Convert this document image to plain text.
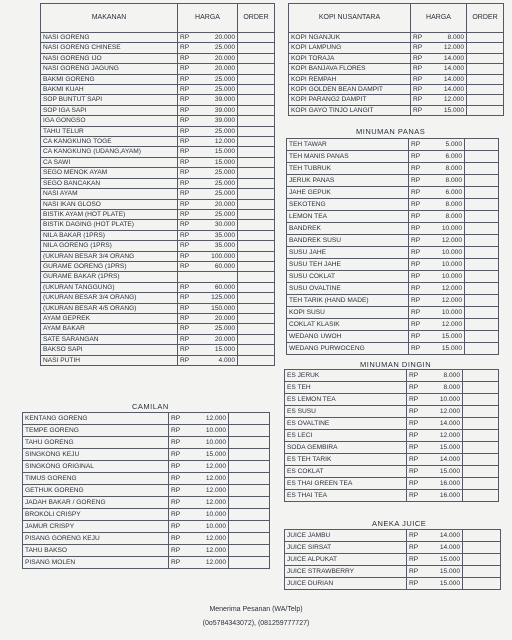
MAKANAN	HARGA		ORDER
NASI GORENG	RP	20.000	
NASI GORENG CHINESE	RP	25.000	
NASI GORENG IJO	RP	20.000	
NASI GORENG JAGUNG	RP	20.000	
BAKMI GORENG	RP	25.000	
BAKMI KUAH	RP	25.000	
SOP BUNTUT SAPI	RP	39.000	
SOP IGA SAPI	RP	39.000	
IGA GONGSO	RP	39.000	
TAHU TELUR	RP	25.000	
CA KANGKUNG TOGE	RP	12.000	
CA KANGKUNG (UDANG,AYAM)	RP	15.000	
CA SAWI	RP	15.000	
SEGO MENOK AYAM	RP	25.000	
SEGO BANCAKAN	RP	25.000	
NASI AYAM	RP	25.000	
NASI IKAN GLOSO	RP	20.000	
BISTIK AYAM (HOT PLATE)	RP	25.000	
BISTIK DAGING (HOT PLATE)	RP	30.000	
NILA BAKAR (1PRS)	RP	35.000	
NILA GORENG (1PRS)	RP	35.000	
(UKURAN BESAR 3/4 ORANG	RP	100.000	
GURAME GORENG (1PRS)	RP	60.000	
GURAME BAKAR (1PRS)			
(UKURAN TANGGUNG)	RP	60.000	
(UKURAN BESAR 3/4 ORANG)	RP	125.000	
(UKURAN BESAR 4/5 ORANG)	RP	150.000	
AYAM GEPREK	RP	20.000	
AYAM BAKAR	RP	25.000	
SATE SARANGAN	RP	20.000	
BAKSO SAPI	RP	15.000	
NASI PUTIH	RP	4.000	
CAMILAN
KENTANG GORENG	RP	12.000	
TEMPE GORENG	RP	10.000	
TAHU GORENG	RP	10.000	
SINGKONG KEJU	RP	15.000	
SINGKONG ORIGINAL	RP	12.000	
TIMUS GORENG	RP	12.000	
GETHUK GORENG	RP	12.000	
JADAH BAKAR / GORENG	RP	12.000	
BROKOLI CRISPY	RP	10.000	
JAMUR CRISPY	RP	10.000	
PISANG GORENG KEJU	RP	12.000	
TAHU BAKSO	RP	12.000	
PISANG MOLEN	RP	12.000	
KOPI NUSANTARA	HARGA		ORDER
KOPI NGANJUK	RP	8.000	
KOPI LAMPUNG	RP	12.000	
KOPI TORAJA	RP	14.000	
KOPI BANJAVA FLORES	RP	14.000	
KOPI REMPAH	RP	14.000	
KOPI GOLDEN BEAN DAMPIT	RP	14.000	
KOPI PARANG2 DAMPIT	RP	12.000	
KOPI GAYO TINJO LANGIT	RP	15.000	
MINUMAN PANAS
TEH TAWAR	RP	5.000	
TEH MANIS PANAS	RP	6.000	
TEH TUBRUK	RP	8.000	
JERUK PANAS	RP	8.000	
JAHE GEPUK	RP	6.000	
SEKOTENG	RP	8.000	
LEMON TEA	RP	8.000	
BANDREK	RP	10.000	
BANDREK SUSU	RP	12.000	
SUSU JAHE	RP	10.000	
SUSU TEH JAHE	RP	10.000	
SUSU COKLAT	RP	10.000	
SUSU OVALTINE	RP	12.000	
TEH TARIK (HAND MADE)	RP	12.000	
KOPI SUSU	RP	10.000	
COKLAT KLASIK	RP	12.000	
WEDANG UWOH	RP	15.000	
WEDANG PURWOCENG	RP	15.000	
MINUMAN DINGIN
ES JERUK	RP	8.000	
ES TEH	RP	8.000	
ES LEMON TEA	RP	10.000	
ES SUSU	RP	12.000	
ES OVALTINE	RP	14.000	
ES LECI	RP	12.000	
SODA GEMBIRA	RP	15.000	
ES TEH TARIK	RP	14.000	
ES COKLAT	RP	15.000	
ES THAI GREEN TEA	RP	16.000	
ES THAI TEA	RP	16.000	
ANEKA JUICE
JUICE JAMBU	RP	14.000	
JUICE SIRSAT	RP	14.000	
JUICE ALPUKAT	RP	15.000	
JUICE STRAWBERRY	RP	15.000	
JUICE DURIAN	RP	15.000	
Menerima Pesanan (WA/Telp)
(0o5784343072), (081259777727)
